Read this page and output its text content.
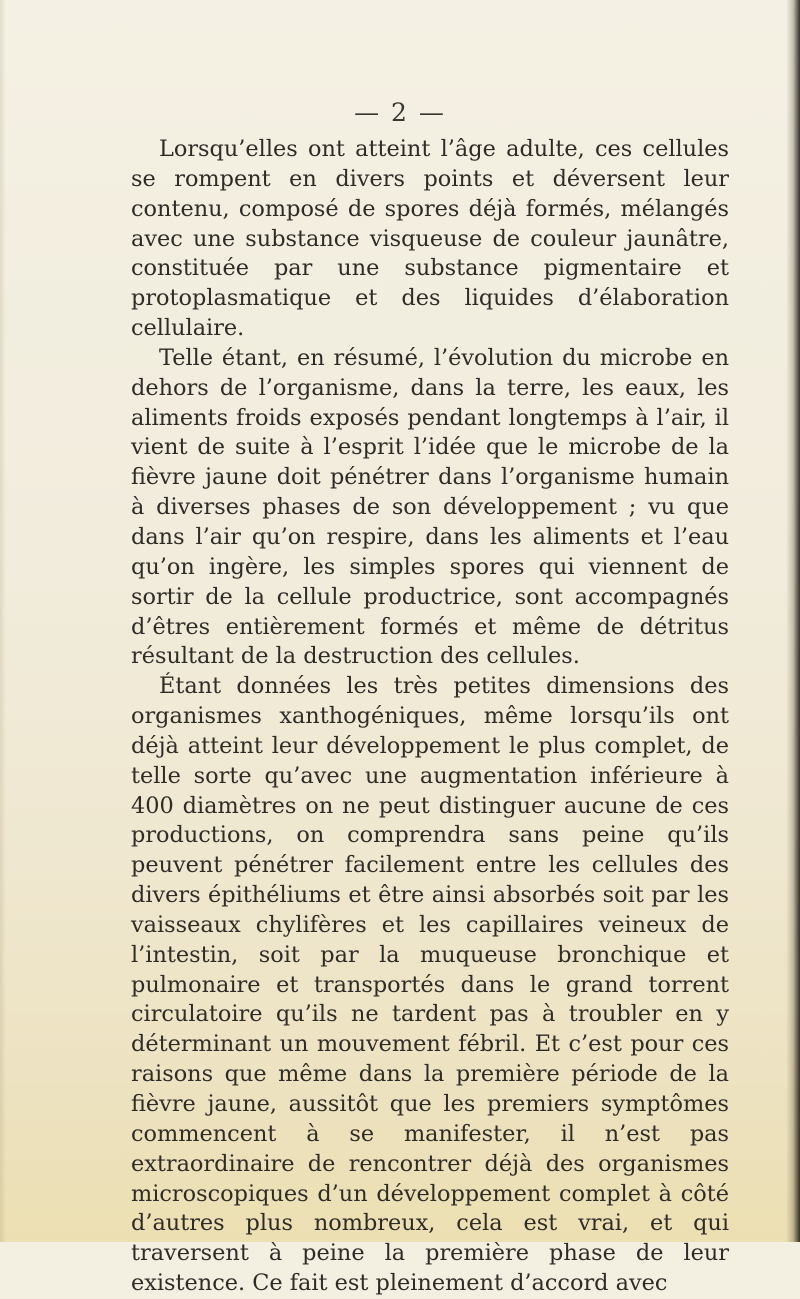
— 2 —

Lorsqu’elles ont atteint l’âge adulte, ces cellules se rompent en divers points et déversent leur contenu, composé de spores déjà formés, mélangés avec une substance visqueuse de couleur jaunâtre, constituée par une substance pigmentaire et protoplasmatique et des liquides d’élaboration cellulaire.

Telle étant, en résumé, l’évolution du microbe en dehors de l’organisme, dans la terre, les eaux, les aliments froids exposés pendant longtemps à l’air, il vient de suite à l’esprit l’idée que le microbe de la fièvre jaune doit pénétrer dans l’organisme humain à diverses phases de son développement ; vu que dans l’air qu’on respire, dans les aliments et l’eau qu’on ingère, les simples spores qui viennent de sortir de la cellule productrice, sont accompagnés d’êtres entièrement formés et même de détritus résultant de la destruction des cellules.

Étant données les très petites dimensions des organismes xanthogéniques, même lorsqu’ils ont déjà atteint leur développement le plus complet, de telle sorte qu’avec une augmentation inférieure à 400 diamètres on ne peut distinguer aucune de ces productions, on comprendra sans peine qu’ils peuvent pénétrer facilement entre les cellules des divers épithéliums et être ainsi absorbés soit par les vaisseaux chylifères et les capillaires veineux de l’intestin, soit par la muqueuse bronchique et pulmonaire et transportés dans le grand torrent circulatoire qu’ils ne tardent pas à troubler en y déterminant un mouvement fébril. Et c’est pour ces raisons que même dans la première période de la fièvre jaune, aussitôt que les premiers symptômes commencent à se manifester, il n’est pas extraordinaire de rencontrer déjà des organismes microscopiques d’un développement complet à côté d’autres plus nombreux, cela est vrai, et qui traversent à peine la première phase de leur existence. Ce fait est pleinement d’accord avec
